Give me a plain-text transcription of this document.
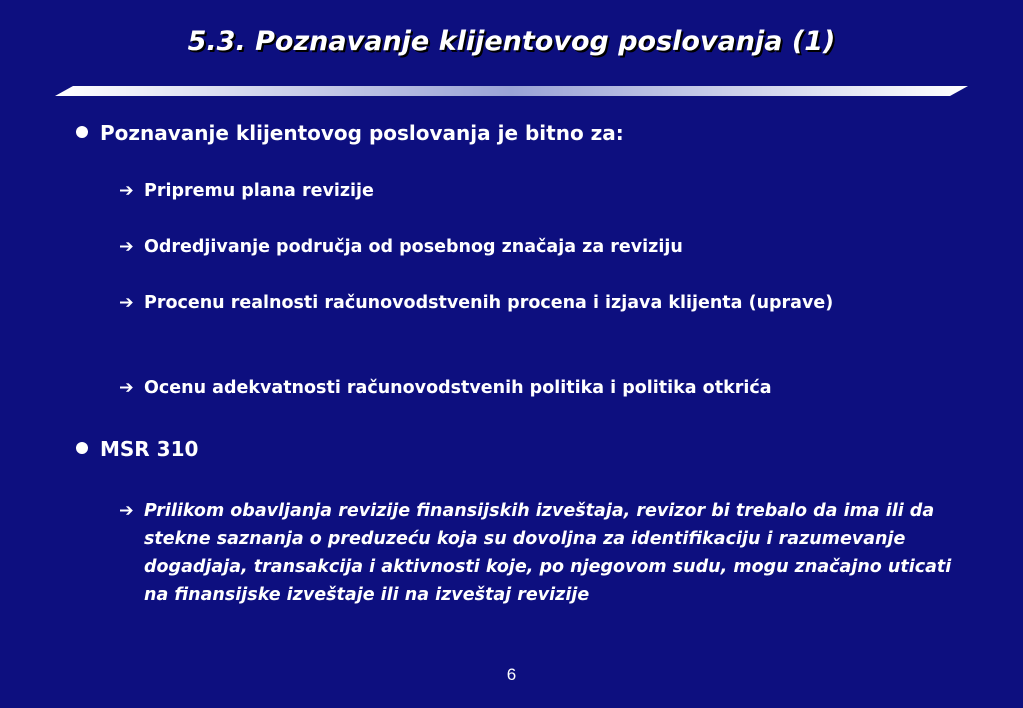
5.3. Poznavanje klijentovog poslovanja (1)
Poznavanje klijentovog poslovanja je bitno za:
➔ Pripremu plana revizije
➔ Odredjivanje područja od posebnog značaja za reviziju
➔ Procenu realnosti računovodstvenih procena i izjava klijenta (uprave)
➔ Ocenu adekvatnosti računovodstvenih politika i politika otkrića
MSR 310
➔ Prilikom obavljanja revizije finansijskih izveštaja, revizor bi trebalo da ima ili da stekne saznanja o preduzeću koja su dovoljna za identifikaciju i razumevanje dogadjaja, transakcija i aktivnosti koje, po njegovom sudu, mogu značajno uticati na finansijske izveštaje ili na izveštaj revizije
6
